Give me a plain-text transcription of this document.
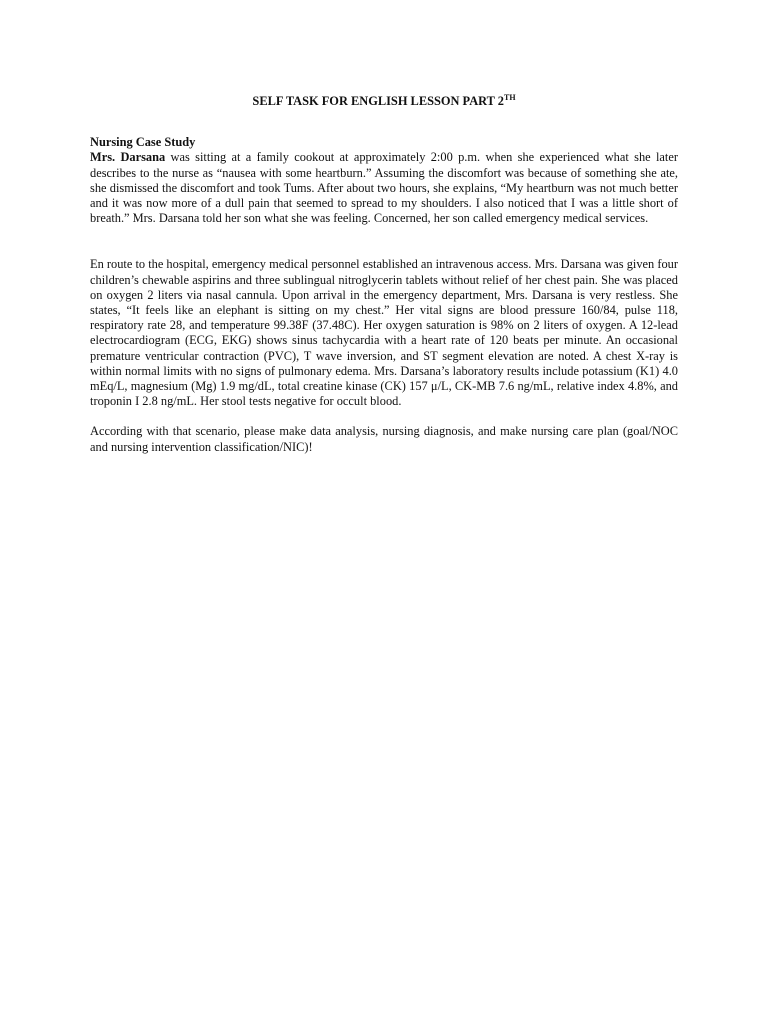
SELF TASK FOR ENGLISH LESSON PART 2TH
Nursing Case Study

Mrs. Darsana was sitting at a family cookout at approximately 2:00 p.m. when she experienced what she later describes to the nurse as “nausea with some heartburn.” Assuming the discomfort was because of something she ate, she dismissed the discomfort and took Tums. After about two hours, she explains, “My heartburn was not much better and it was now more of a dull pain that seemed to spread to my shoulders. I also noticed that I was a little short of breath.” Mrs. Darsana told her son what she was feeling. Concerned, her son called emergency medical services.

En route to the hospital, emergency medical personnel established an intravenous access. Mrs. Darsana was given four children’s chewable aspirins and three sublingual nitroglycerin tablets without relief of her chest pain. She was placed on oxygen 2 liters via nasal cannula. Upon arrival in the emergency department, Mrs. Darsana is very restless. She states, “It feels like an elephant is sitting on my chest.” Her vital signs are blood pressure 160/84, pulse 118, respiratory rate 28, and temperature 99.38F (37.48C). Her oxygen saturation is 98% on 2 liters of oxygen. A 12-lead electrocardiogram (ECG, EKG) shows sinus tachycardia with a heart rate of 120 beats per minute. An occasional premature ventricular contraction (PVC), T wave inversion, and ST segment elevation are noted. A chest X-ray is within normal limits with no signs of pulmonary edema. Mrs. Darsana’s laboratory results include potassium (K1) 4.0 mEq/L, magnesium (Mg) 1.9 mg/dL, total creatine kinase (CK) 157 μ/L, CK-MB 7.6 ng/mL, relative index 4.8%, and troponin I 2.8 ng/mL. Her stool tests negative for occult blood.

According with that scenario, please make data analysis, nursing diagnosis, and make nursing care plan (goal/NOC and nursing intervention classification/NIC)!
